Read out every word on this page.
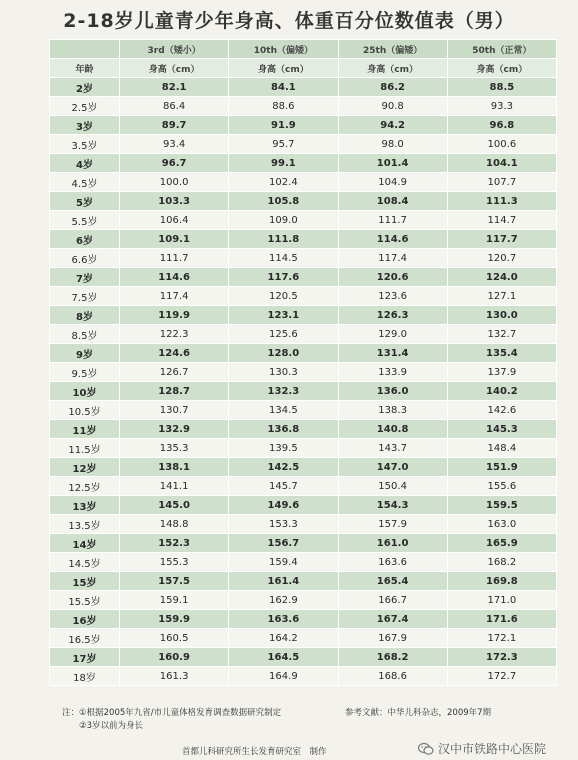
2-18岁儿童青少年身高、体重百分位数值表（男）
	3rd（矮小）	10th（偏矮）	25th（偏矮）	50th（正常）
年龄	身高（cm）	身高（cm）	身高（cm）	身高（cm）
2岁	82.1	84.1	86.2	88.5
2.5岁	86.4	88.6	90.8	93.3
3岁	89.7	91.9	94.2	96.8
3.5岁	93.4	95.7	98.0	100.6
4岁	96.7	99.1	101.4	104.1
4.5岁	100.0	102.4	104.9	107.7
5岁	103.3	105.8	108.4	111.3
5.5岁	106.4	109.0	111.7	114.7
6岁	109.1	111.8	114.6	117.7
6.6岁	111.7	114.5	117.4	120.7
7岁	114.6	117.6	120.6	124.0
7.5岁	117.4	120.5	123.6	127.1
8岁	119.9	123.1	126.3	130.0
8.5岁	122.3	125.6	129.0	132.7
9岁	124.6	128.0	131.4	135.4
9.5岁	126.7	130.3	133.9	137.9
10岁	128.7	132.3	136.0	140.2
10.5岁	130.7	134.5	138.3	142.6
11岁	132.9	136.8	140.8	145.3
11.5岁	135.3	139.5	143.7	148.4
12岁	138.1	142.5	147.0	151.9
12.5岁	141.1	145.7	150.4	155.6
13岁	145.0	149.6	154.3	159.5
13.5岁	148.8	153.3	157.9	163.0
14岁	152.3	156.7	161.0	165.9
14.5岁	155.3	159.4	163.6	168.2
15岁	157.5	161.4	165.4	169.8
15.5岁	159.1	162.9	166.7	171.0
16岁	159.9	163.6	167.4	171.6
16.5岁	160.5	164.2	167.9	172.1
17岁	160.9	164.5	168.2	172.3
18岁	161.3	164.9	168.6	172.7
注：①根据2005年九省/市儿童体格发育调查数据研究制定
②3岁以前为身长
参考文献：中华儿科杂志，2009年7期
首都儿科研究所生长发育研究室　制作	汉中市铁路中心医院
